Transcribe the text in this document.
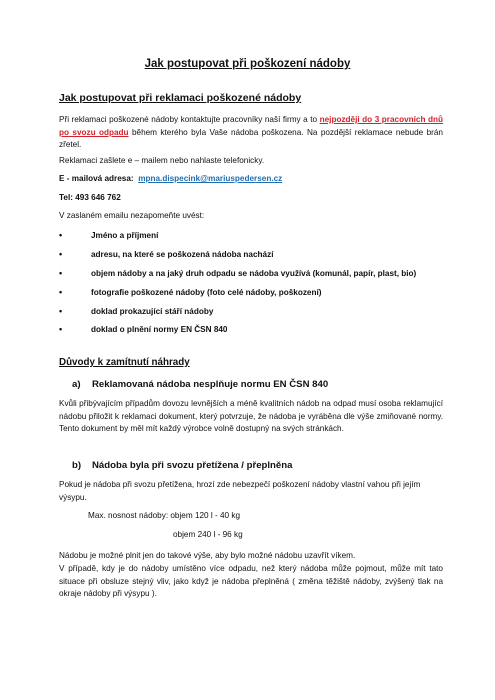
Jak postupovat při poškození nádoby
Jak postupovat při reklamaci poškozené nádoby
Při reklamaci poškozené nádoby kontaktujte pracovníky naší firmy a to nejpozději do 3 pracovních dnů po svozu odpadu během kterého byla Vaše nádoba poškozena. Na pozdější reklamace nebude brán zřetel.
Reklamaci zašlete e – mailem nebo nahlaste telefonicky.
E - mailová adresa: mpna.dispecink@mariuspedersen.cz
Tel: 493 646 762
V zaslaném emailu nezapomeňte uvést:
•	Jméno a příjmení
•	adresu, na které se poškozená nádoba nachází
•	objem nádoby a na jaký druh odpadu se nádoba využívá (komunál, papír, plast, bio)
•	fotografie poškozené nádoby (foto celé nádoby, poškození)
•	doklad prokazující stáří nádoby
•	doklad o plnění normy EN ČSN 840
Důvody k zamítnutí náhrady
a) Reklamovaná nádoba nesplňuje normu EN ČSN 840
Kvůli přibývajícím případům dovozu levnějších a méně kvalitních nádob na odpad musí osoba reklamující nádobu přiložit k reklamaci dokument, který potvrzuje, že nádoba je vyráběna dle výše zmiňované normy. Tento dokument by měl mít každý výrobce volně dostupný na svých stránkách.
b) Nádoba byla při svozu přetížena / přeplněna
Pokud je nádoba při svozu přetížena, hrozí zde nebezpečí poškození nádoby vlastní vahou při jejím výsypu.
Max. nosnost nádoby: objem 120 l - 40 kg
objem 240 l - 96 kg
Nádobu je možné plnit jen do takové výše, aby bylo možné nádobu uzavřít víkem.
V případě, kdy je do nádoby umístěno více odpadu, než který nádoba může pojmout, může mít tato situace při obsluze stejný vliv, jako když je nádoba přeplněná ( změna těžiště nádoby, zvýšený tlak na okraje nádoby při výsypu ).
